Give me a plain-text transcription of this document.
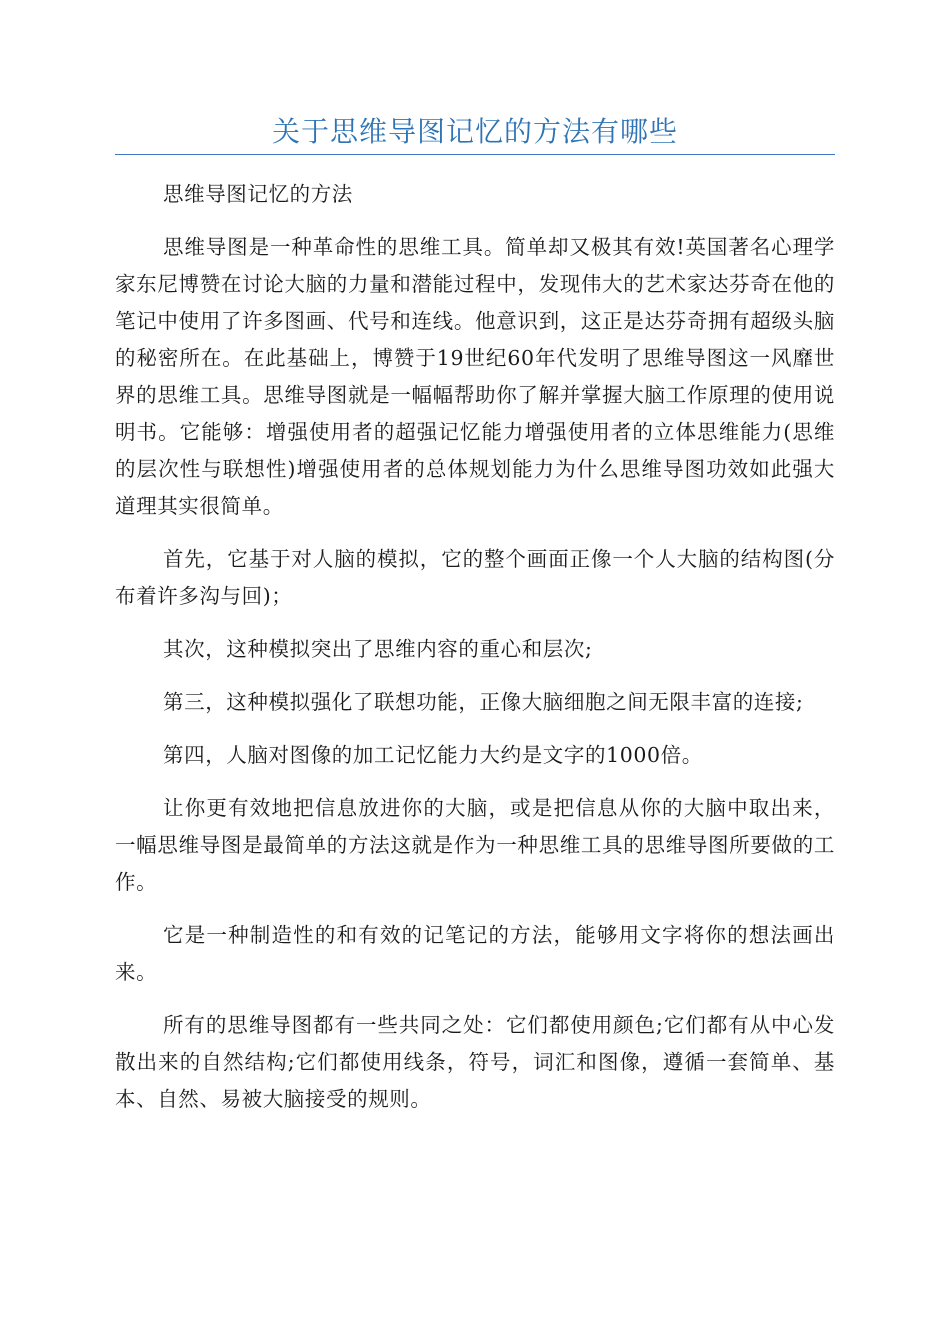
关于思维导图记忆的方法有哪些

思维导图记忆的方法

思维导图是一种革命性的思维工具。简单却又极其有效!英国著名心理学家东尼博赞在讨论大脑的力量和潜能过程中，发现伟大的艺术家达芬奇在他的笔记中使用了许多图画、代号和连线。他意识到，这正是达芬奇拥有超级头脑的秘密所在。在此基础上，博赞于19世纪60年代发明了思维导图这一风靡世界的思维工具。思维导图就是一幅幅帮助你了解并掌握大脑工作原理的使用说明书。它能够：增强使用者的超强记忆能力增强使用者的立体思维能力(思维的层次性与联想性)增强使用者的总体规划能力为什么思维导图功效如此强大道理其实很简单。

首先，它基于对人脑的模拟，它的整个画面正像一个人大脑的结构图(分布着许多沟与回)；

其次，这种模拟突出了思维内容的重心和层次;

第三，这种模拟强化了联想功能，正像大脑细胞之间无限丰富的连接;

第四，人脑对图像的加工记忆能力大约是文字的1000倍。

让你更有效地把信息放进你的大脑，或是把信息从你的大脑中取出来，一幅思维导图是最简单的方法这就是作为一种思维工具的思维导图所要做的工作。

它是一种制造性的和有效的记笔记的方法，能够用文字将你的想法画出来。

所有的思维导图都有一些共同之处：它们都使用颜色;它们都有从中心发散出来的自然结构;它们都使用线条，符号，词汇和图像，遵循一套简单、基本、自然、易被大脑接受的规则。
